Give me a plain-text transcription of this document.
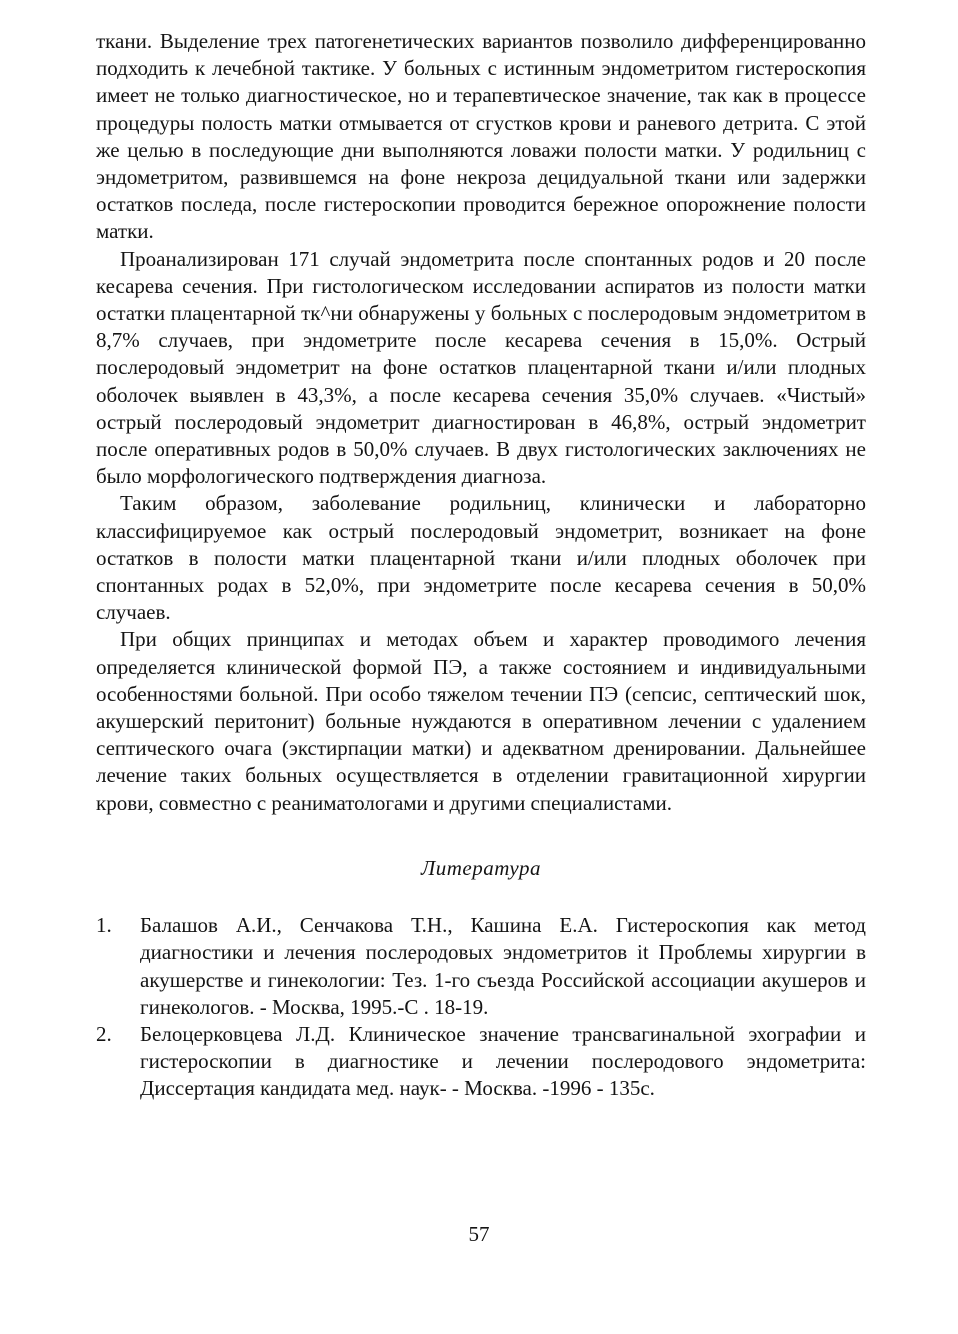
ткани. Выделение трех патогенетических вариантов позволило дифференцированно подходить к лечебной тактике. У больных с истинным эндометритом гистероскопия имеет не только диагностическое, но и терапевтическое значение, так как в процессе процедуры полость матки отмывается от сгустков крови и раневого детрита. С этой же целью в последующие дни выполняются ловажи полости матки. У родильниц с эндометритом, развившемся на фоне некроза децидуальной ткани или задержки остатков последа, после гистероскопии проводится бережное опорожнение полости матки.

Проанализирован 171 случай эндометрита после спонтанных родов и 20 после кесарева сечения. При гистологическом исследовании аспиратов из полости матки остатки плацентарной тк^ни обнаружены у больных с послеродовым эндометритом в 8,7% случаев, при эндометрите после кесарева сечения в 15,0%. Острый послеродовый эндометрит на фоне остатков плацентарной ткани и/или плодных оболочек выявлен в 43,3%, а после кесарева сечения 35,0% случаев. «Чистый» острый послеродовый эндометрит диагностирован в 46,8%, острый эндометрит после оперативных родов в 50,0% случаев. В двух гистологических заключениях не было морфологического подтверждения диагноза.

Таким образом, заболевание родильниц, клинически и лабораторно классифицируемое как острый послеродовый эндометрит, возникает на фоне остатков в полости матки плацентарной ткани и/или плодных оболочек при спонтанных родах в 52,0%, при эндометрите после кесарева сечения в 50,0% случаев.

При общих принципах и методах объем и характер проводимого лечения определяется клинической формой ПЭ, а также состоянием и индивидуальными особенностями больной. При особо тяжелом течении ПЭ (сепсис, септический шок, акушерский перитонит) больные нуждаются в оперативном лечении с удалением септического очага (экстирпации матки) и адекватном дренировании. Дальнейшее лечение таких больных осуществляется в отделении гравитационной хирургии крови, совместно с реаниматологами и другими специалистами.

Литература
1.	Балашов А.И., Сенчакова Т.Н., Кашина Е.А. Гистероскопия как метод диагностики и лечения послеродовых эндометритов it Проблемы хирургии в акушерстве и гинекологии: Тез. 1-го съезда Российской ассоциации акушеров и гинекологов. - Москва, 1995.-С . 18-19.
2.	Белоцерковцева Л.Д. Клиническое значение трансвагинальной эхографии и гистероскопии в диагностике и лечении послеродового эндометрита: Диссертация кандидата мед. наук- - Москва. -1996 - 135с.
57
